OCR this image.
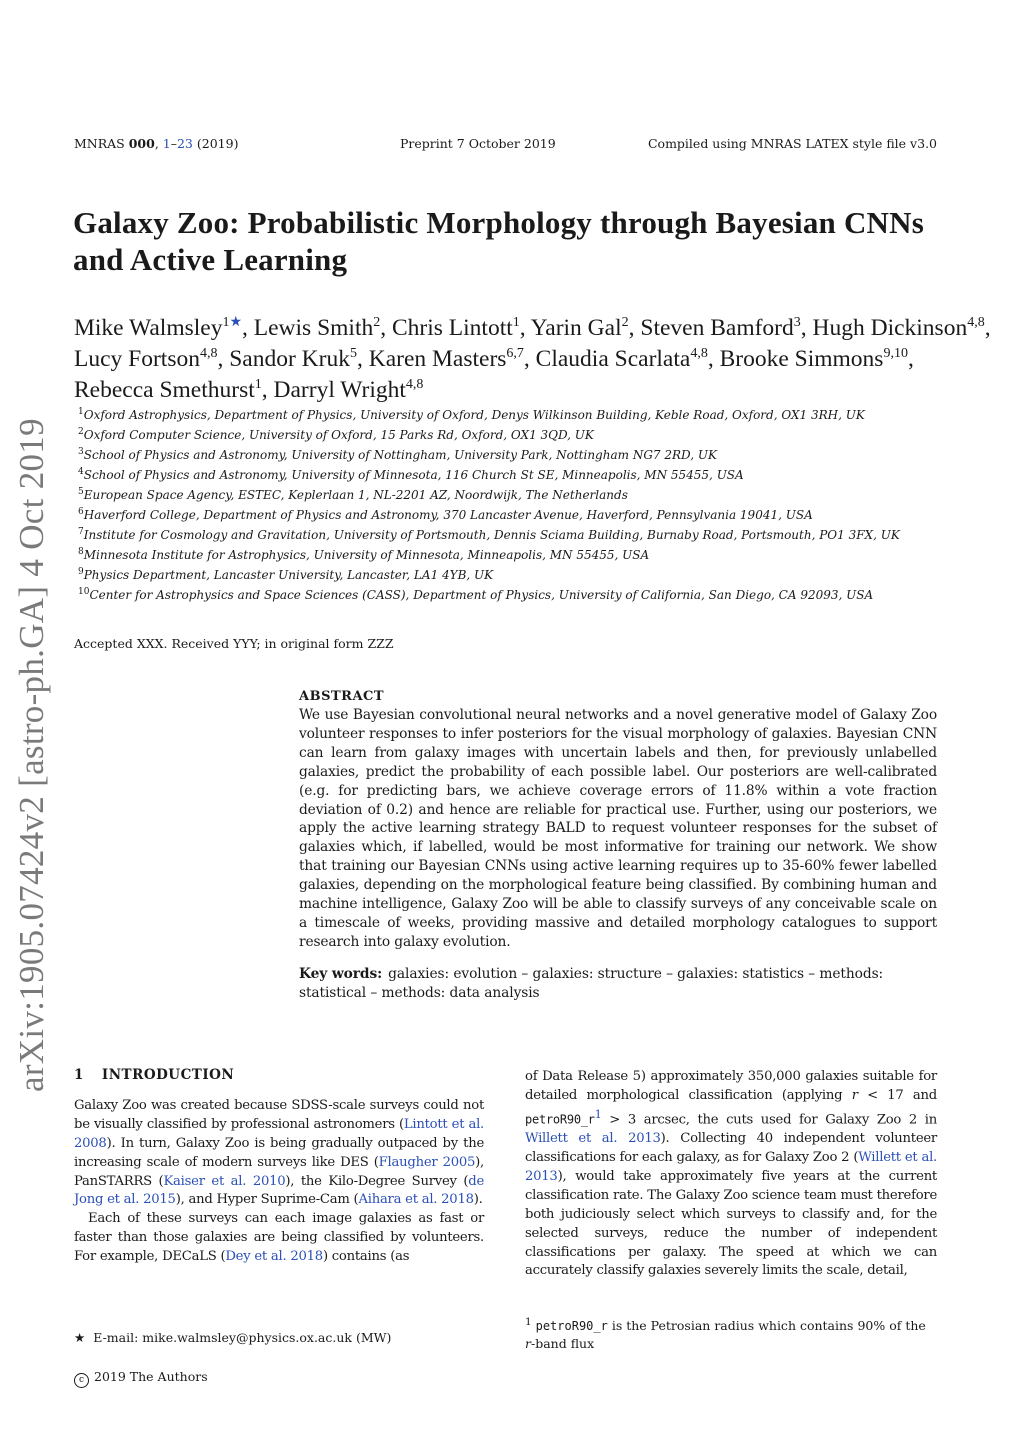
MNRAS 000, 1–23 (2019)	Preprint 7 October 2019	Compiled using MNRAS LATEX style file v3.0
arXiv:1905.07424v2 [astro-ph.GA] 4 Oct 2019
Galaxy Zoo: Probabilistic Morphology through Bayesian CNNs and Active Learning
Mike Walmsley$^{1★}$, Lewis Smith$^2$, Chris Lintott$^1$, Yarin Gal$^2$, Steven Bamford$^3$, Hugh Dickinson$^{4,8}$, Lucy Fortson$^{4,8}$, Sandor Kruk$^5$, Karen Masters$^{6,7}$, Claudia Scarlata$^{4,8}$, Brooke Simmons$^{9,10}$, Rebecca Smethurst$^1$, Darryl Wright$^{4,8}$
$^1$Oxford Astrophysics, Department of Physics, University of Oxford, Denys Wilkinson Building, Keble Road, Oxford, OX1 3RH, UK
$^2$Oxford Computer Science, University of Oxford, 15 Parks Rd, Oxford, OX1 3QD, UK
$^3$School of Physics and Astronomy, University of Nottingham, University Park, Nottingham NG7 2RD, UK
$^4$School of Physics and Astronomy, University of Minnesota, 116 Church St SE, Minneapolis, MN 55455, USA
$^5$European Space Agency, ESTEC, Keplerlaan 1, NL-2201 AZ, Noordwijk, The Netherlands
$^6$Haverford College, Department of Physics and Astronomy, 370 Lancaster Avenue, Haverford, Pennsylvania 19041, USA
$^7$Institute for Cosmology and Gravitation, University of Portsmouth, Dennis Sciama Building, Burnaby Road, Portsmouth, PO1 3FX, UK
$^8$Minnesota Institute for Astrophysics, University of Minnesota, Minneapolis, MN 55455, USA
$^9$Physics Department, Lancaster University, Lancaster, LA1 4YB, UK
$^{10}$Center for Astrophysics and Space Sciences (CASS), Department of Physics, University of California, San Diego, CA 92093, USA
Accepted XXX. Received YYY; in original form ZZZ
ABSTRACT
We use Bayesian convolutional neural networks and a novel generative model of Galaxy Zoo volunteer responses to infer posteriors for the visual morphology of galaxies. Bayesian CNN can learn from galaxy images with uncertain labels and then, for previously unlabelled galaxies, predict the probability of each possible label. Our posteriors are well-calibrated (e.g. for predicting bars, we achieve coverage errors of 11.8% within a vote fraction deviation of 0.2) and hence are reliable for practical use. Further, using our posteriors, we apply the active learning strategy BALD to request volunteer responses for the subset of galaxies which, if labelled, would be most informative for training our network. We show that training our Bayesian CNNs using active learning requires up to 35-60% fewer labelled galaxies, depending on the morphological feature being classified. By combining human and machine intelligence, Galaxy Zoo will be able to classify surveys of any conceivable scale on a timescale of weeks, providing massive and detailed morphology catalogues to support research into galaxy evolution.
Key words: galaxies: evolution – galaxies: structure – galaxies: statistics – methods: statistical – methods: data analysis
1 INTRODUCTION

Galaxy Zoo was created because SDSS-scale surveys could not be visually classified by professional astronomers (Lintott et al. 2008). In turn, Galaxy Zoo is being gradually outpaced by the increasing scale of modern surveys like DES (Flaugher 2005), PanSTARRS (Kaiser et al. 2010), the Kilo-Degree Survey (de Jong et al. 2015), and Hyper Suprime-Cam (Aihara et al. 2018).

Each of these surveys can each image galaxies as fast or faster than those galaxies are being classified by volunteers. For example, DECaLS (Dey et al. 2018) contains (as

of Data Release 5) approximately 350,000 galaxies suitable for detailed morphological classification (applying r < 17 and $petroR90\_r^1 > 3$ arcsec, the cuts used for Galaxy Zoo 2 in Willett et al. 2013). Collecting 40 independent volunteer classifications for each galaxy, as for Galaxy Zoo 2 (Willett et al. 2013), would take approximately five years at the current classification rate. The Galaxy Zoo science team must therefore both judiciously select which surveys to classify and, for the selected surveys, reduce the number of independent classifications per galaxy. The speed at which we can accurately classify galaxies severely limits the scale, detail,

★ E-mail: mike.walmsley@physics.ox.ac.uk (MW)
$^1$ petroR90_r is the Petrosian radius which contains 90% of the r-band flux
c 2019 The Authors
